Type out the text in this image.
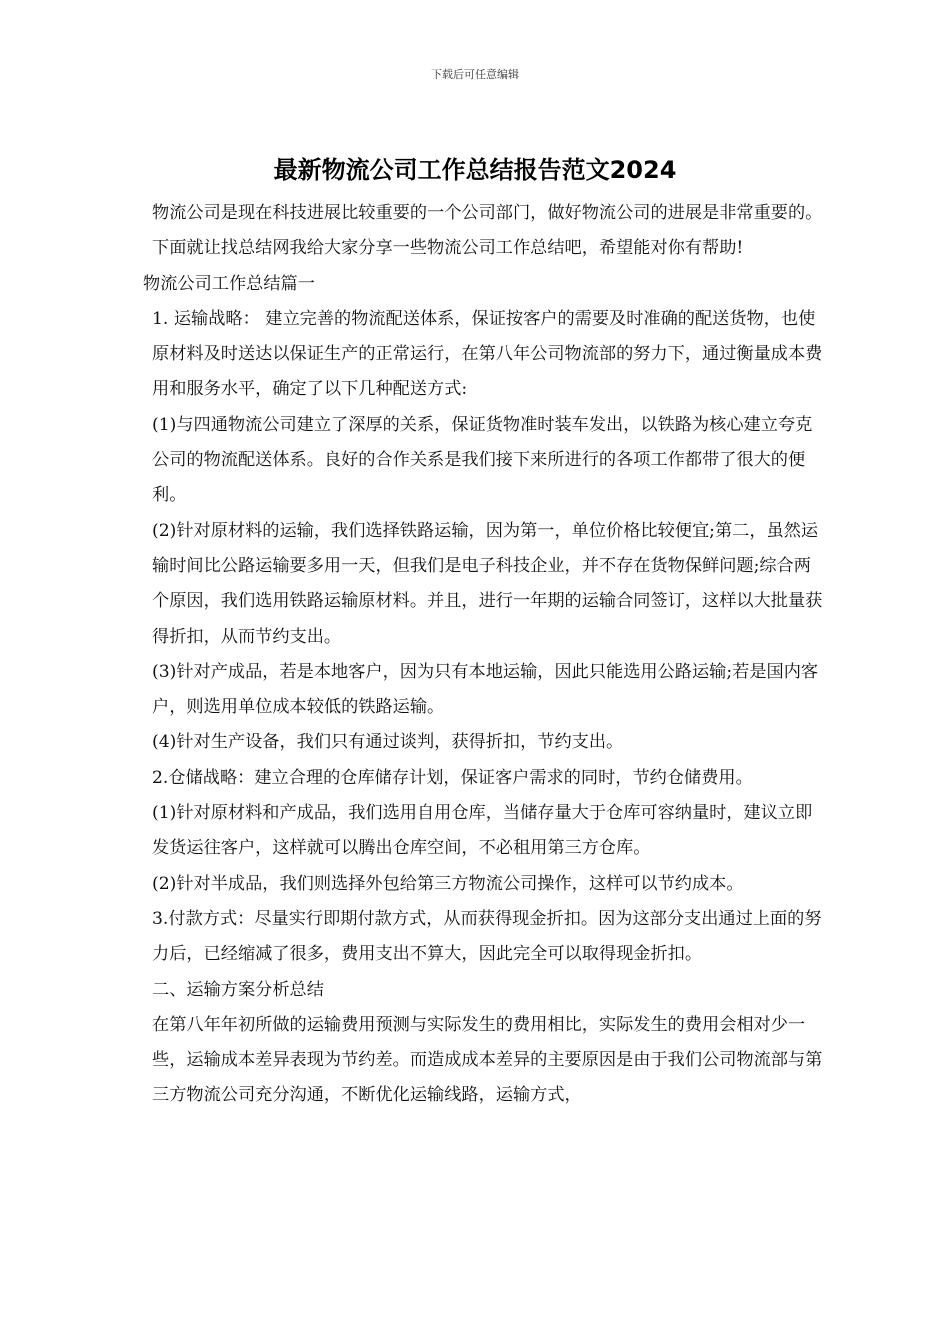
下载后可任意编辑
最新物流公司工作总结报告范文2024

物流公司是现在科技进展比较重要的一个公司部门，做好物流公司的进展是非常重要的。下面就让找总结网我给大家分享一些物流公司工作总结吧，希望能对你有帮助!

物流公司工作总结篇一

1. 运输战略： 建立完善的物流配送体系，保证按客户的需要及时准确的配送货物，也使原材料及时送达以保证生产的正常运行，在第八年公司物流部的努力下，通过衡量成本费用和服务水平，确定了以下几种配送方式:

(1)与四通物流公司建立了深厚的关系，保证货物准时装车发出，以铁路为核心建立夸克公司的物流配送体系。良好的合作关系是我们接下来所进行的各项工作都带了很大的便利。

(2)针对原材料的运输，我们选择铁路运输，因为第一，单位价格比较便宜;第二，虽然运输时间比公路运输要多用一天，但我们是电子科技企业，并不存在货物保鲜问题;综合两个原因，我们选用铁路运输原材料。并且，进行一年期的运输合同签订，这样以大批量获得折扣，从而节约支出。

(3)针对产成品，若是本地客户，因为只有本地运输，因此只能选用公路运输;若是国内客户，则选用单位成本较低的铁路运输。

(4)针对生产设备，我们只有通过谈判，获得折扣，节约支出。

2.仓储战略：建立合理的仓库储存计划，保证客户需求的同时，节约仓储费用。

(1)针对原材料和产成品，我们选用自用仓库，当储存量大于仓库可容纳量时，建议立即发货运往客户，这样就可以腾出仓库空间，不必租用第三方仓库。

(2)针对半成品，我们则选择外包给第三方物流公司操作，这样可以节约成本。

3.付款方式：尽量实行即期付款方式，从而获得现金折扣。因为这部分支出通过上面的努力后，已经缩减了很多，费用支出不算大，因此完全可以取得现金折扣。

二、运输方案分析总结

在第八年年初所做的运输费用预测与实际发生的费用相比，实际发生的费用会相对少一些，运输成本差异表现为节约差。而造成成本差异的主要原因是由于我们公司物流部与第三方物流公司充分沟通，不断优化运输线路，运输方式，
